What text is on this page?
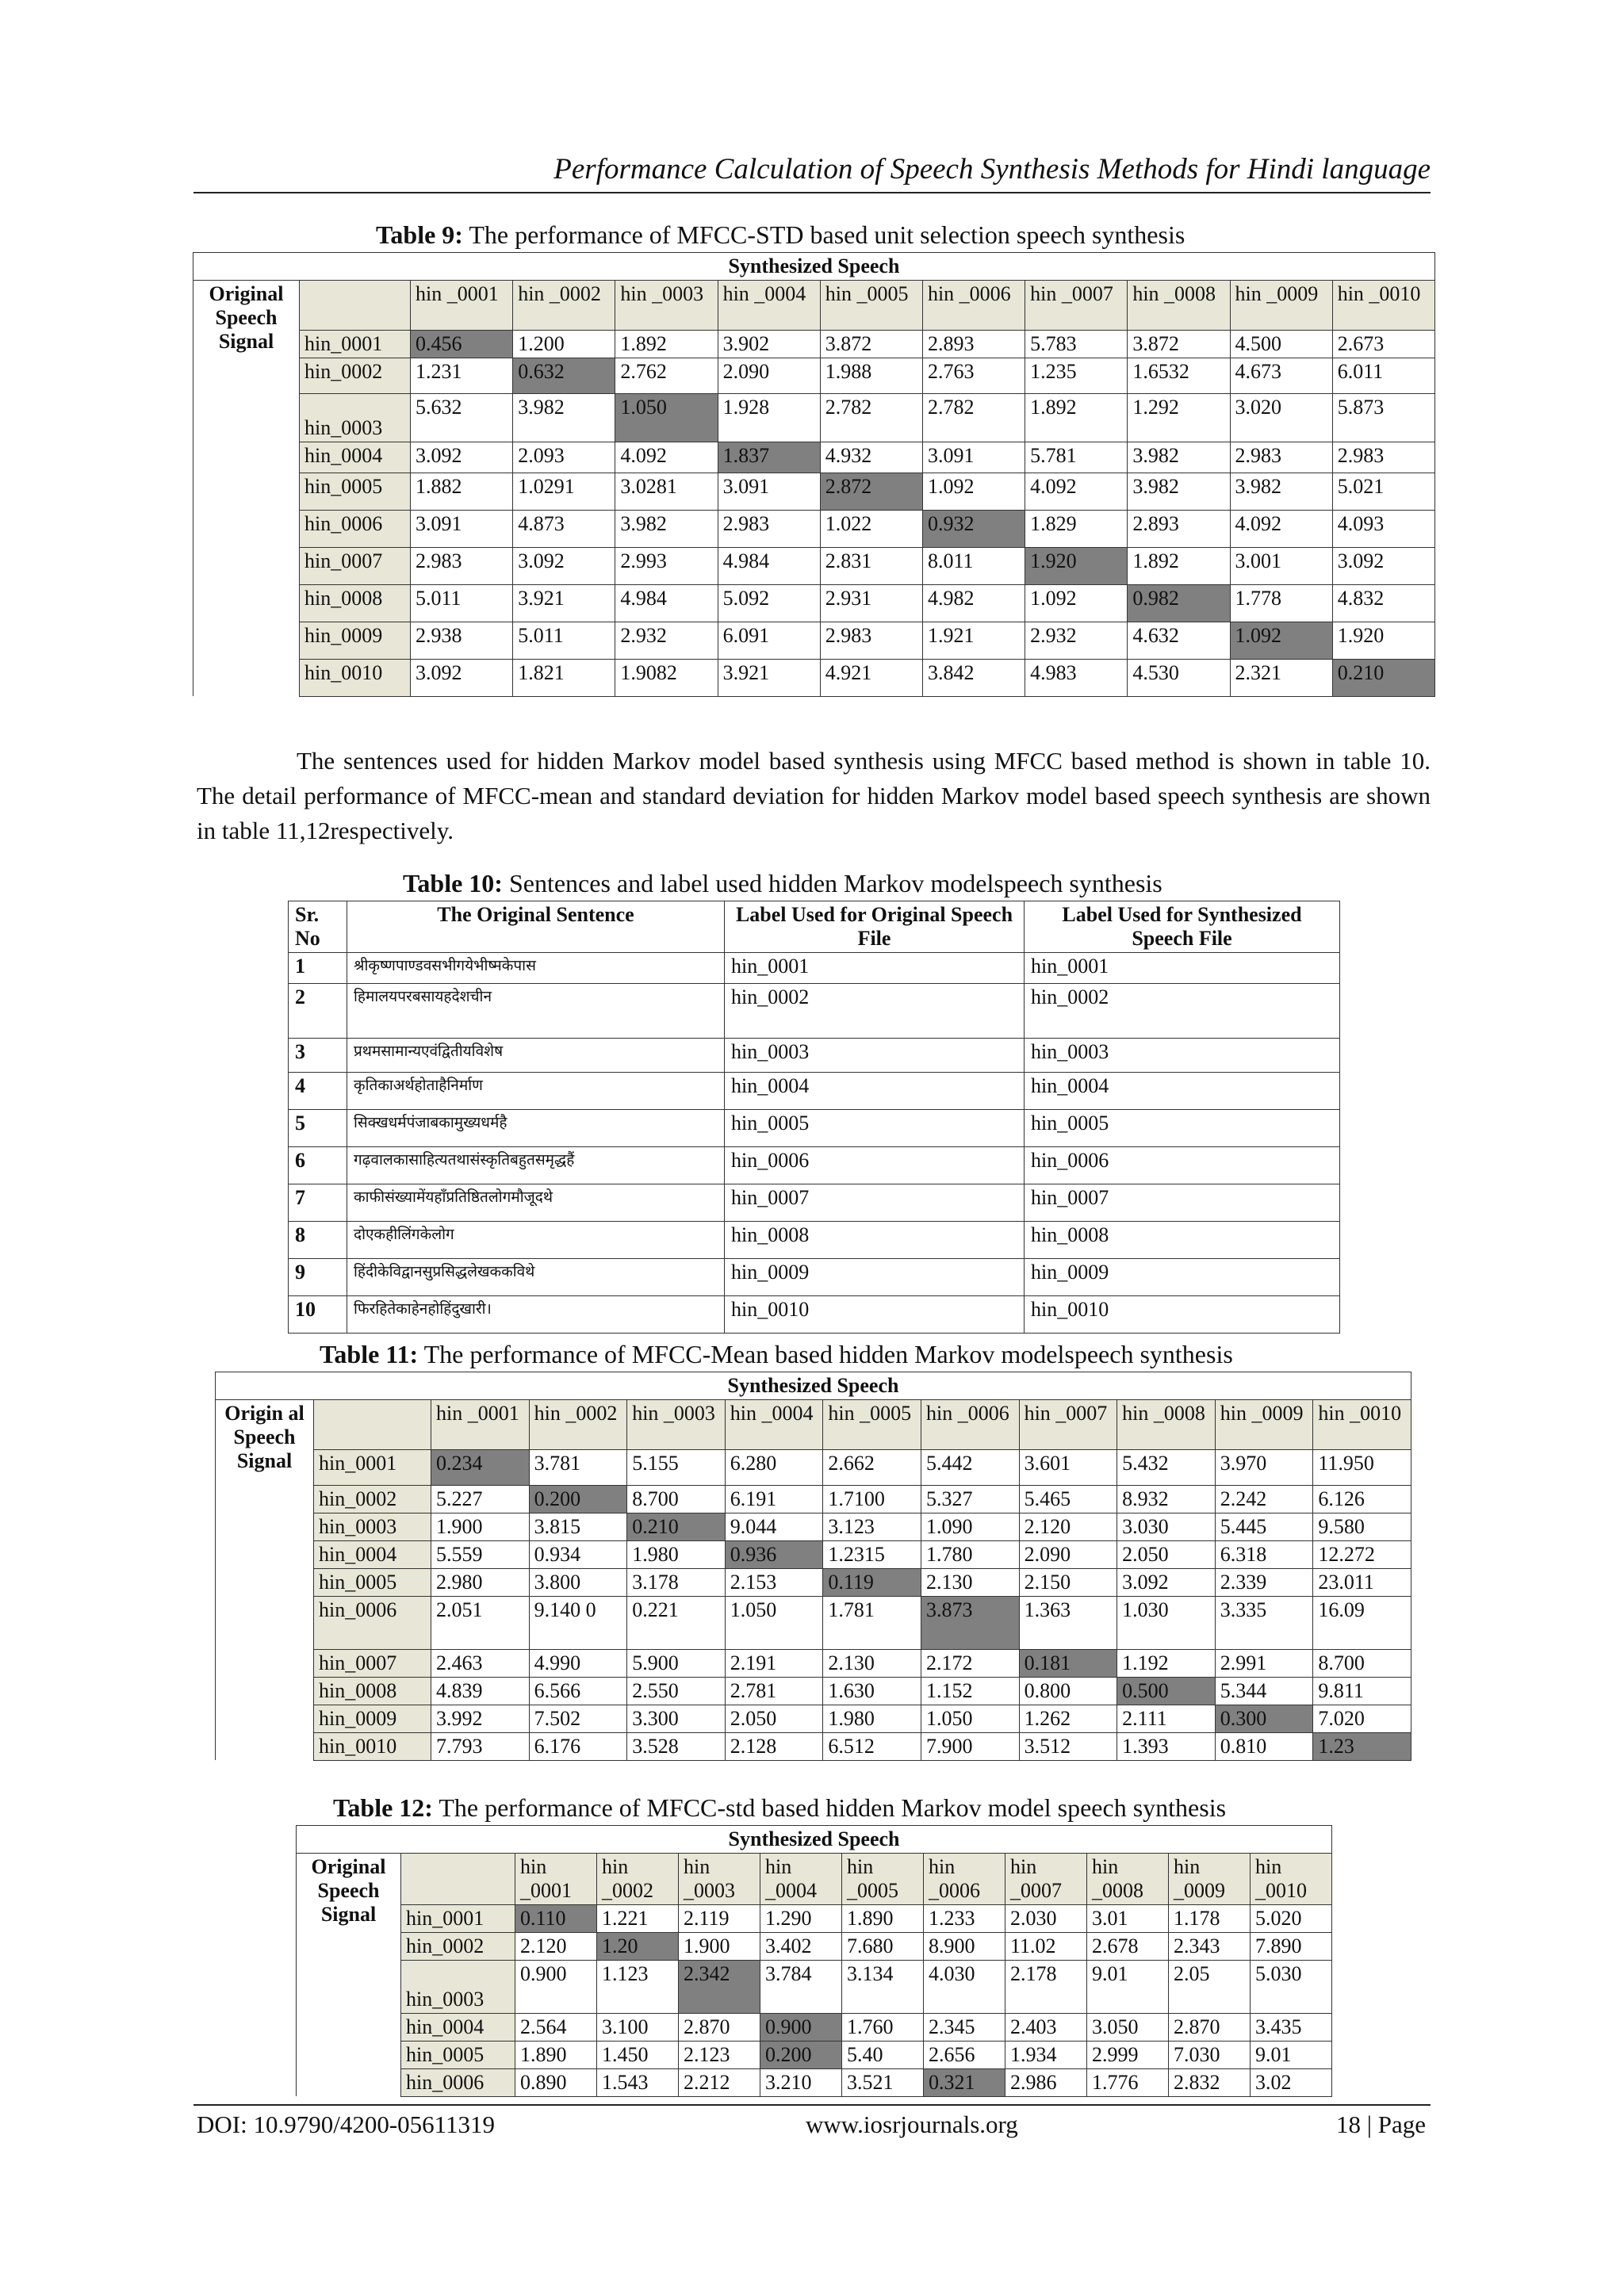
Performance Calculation of Speech Synthesis Methods for Hindi language
Table 9: The performance of MFCC-STD based unit selection speech synthesis
Synthesized Speech											
Original Speech Signal		hin _0001	hin _0002	hin _0003	hin _0004	hin _0005	hin _0006	hin _0007	hin _0008	hin _0009	hin _0010
	hin_0001	0.456	1.200	1.892	3.902	3.872	2.893	5.783	3.872	4.500	2.673
	hin_0002	1.231	0.632	2.762	2.090	1.988	2.763	1.235	1.6532	4.673	6.011
	hin_0003	5.632	3.982	1.050	1.928	2.782	2.782	1.892	1.292	3.020	5.873
	hin_0004	3.092	2.093	4.092	1.837	4.932	3.091	5.781	3.982	2.983	2.983
	hin_0005	1.882	1.0291	3.0281	3.091	2.872	1.092	4.092	3.982	3.982	5.021
	hin_0006	3.091	4.873	3.982	2.983	1.022	0.932	1.829	2.893	4.092	4.093
	hin_0007	2.983	3.092	2.993	4.984	2.831	8.011	1.920	1.892	3.001	3.092
	hin_0008	5.011	3.921	4.984	5.092	2.931	4.982	1.092	0.982	1.778	4.832
	hin_0009	2.938	5.011	2.932	6.091	2.983	1.921	2.932	4.632	1.092	1.920
	hin_0010	3.092	1.821	1.9082	3.921	4.921	3.842	4.983	4.530	2.321	0.210
The sentences used for hidden Markov model based synthesis using MFCC based method is shown in table 10. The detail performance of MFCC-mean and standard deviation for hidden Markov model based speech synthesis are shown in table 11,12respectively.
Table 10: Sentences and label used hidden Markov modelspeech synthesis
Sr. No	The Original Sentence	Label Used for Original Speech File	Label Used for Synthesized Speech File
1	श्रीकृष्णपाण्डवसभीगयेभीष्मकेपास	hin_0001	hin_0001
2	हिमालयपरबसायहदेशचीन	hin_0002	hin_0002
3	प्रथमसामान्यएवंद्वितीयविशेष	hin_0003	hin_0003
4	कृतिकाअर्थहोताहैनिर्माण	hin_0004	hin_0004
5	सिक्खधर्मपंजाबकामुख्यधर्महै	hin_0005	hin_0005
6	गढ़वालकासाहित्यतथासंस्कृतिबहुतसमृद्धहैं	hin_0006	hin_0006
7	काफीसंख्यामेंयहाँप्रतिष्ठितलोगमौजूदथे	hin_0007	hin_0007
8	दोएकहीलिंगकेलोग	hin_0008	hin_0008
9	हिंदीकेविद्वानसुप्रसिद्धलेखककविथे	hin_0009	hin_0009
10	फिरहितेकाहेनहोहिंदुखारी।	hin_0010	hin_0010
Table 11: The performance of MFCC-Mean based hidden Markov modelspeech synthesis
Synthesized Speech											
Origin al Speech Signal		hin _0001	hin _0002	hin _0003	hin _0004	hin _0005	hin _0006	hin _0007	hin _0008	hin _0009	hin _0010
	hin_0001	0.234	3.781	5.155	6.280	2.662	5.442	3.601	5.432	3.970	11.950
	hin_0002	5.227	0.200	8.700	6.191	1.7100	5.327	5.465	8.932	2.242	6.126
	hin_0003	1.900	3.815	0.210	9.044	3.123	1.090	2.120	3.030	5.445	9.580
	hin_0004	5.559	0.934	1.980	0.936	1.2315	1.780	2.090	2.050	6.318	12.272
	hin_0005	2.980	3.800	3.178	2.153	0.119	2.130	2.150	3.092	2.339	23.011
	hin_0006	2.051	9.140 0	0.221	1.050	1.781	3.873	1.363	1.030	3.335	16.09
	hin_0007	2.463	4.990	5.900	2.191	2.130	2.172	0.181	1.192	2.991	8.700
	hin_0008	4.839	6.566	2.550	2.781	1.630	1.152	0.800	0.500	5.344	9.811
	hin_0009	3.992	7.502	3.300	2.050	1.980	1.050	1.262	2.111	0.300	7.020
	hin_0010	7.793	6.176	3.528	2.128	6.512	7.900	3.512	1.393	0.810	1.23
Table 12: The performance of MFCC-std based hidden Markov model speech synthesis
Synthesized Speech											
Original Speech Signal		hin _0001	hin _0002	hin _0003	hin _0004	hin _0005	hin _0006	hin _0007	hin _0008	hin _0009	hin _0010
	hin_0001	0.110	1.221	2.119	1.290	1.890	1.233	2.030	3.01	1.178	5.020
	hin_0002	2.120	1.20	1.900	3.402	7.680	8.900	11.02	2.678	2.343	7.890
	hin_0003	0.900	1.123	2.342	3.784	3.134	4.030	2.178	9.01	2.05	5.030
	hin_0004	2.564	3.100	2.870	0.900	1.760	2.345	2.403	3.050	2.870	3.435
	hin_0005	1.890	1.450	2.123	0.200	5.40	2.656	1.934	2.999	7.030	9.01
	hin_0006	0.890	1.543	2.212	3.210	3.521	0.321	2.986	1.776	2.832	3.02
DOI: 10.9790/4200-05611319	www.iosrjournals.org	18 | Page
